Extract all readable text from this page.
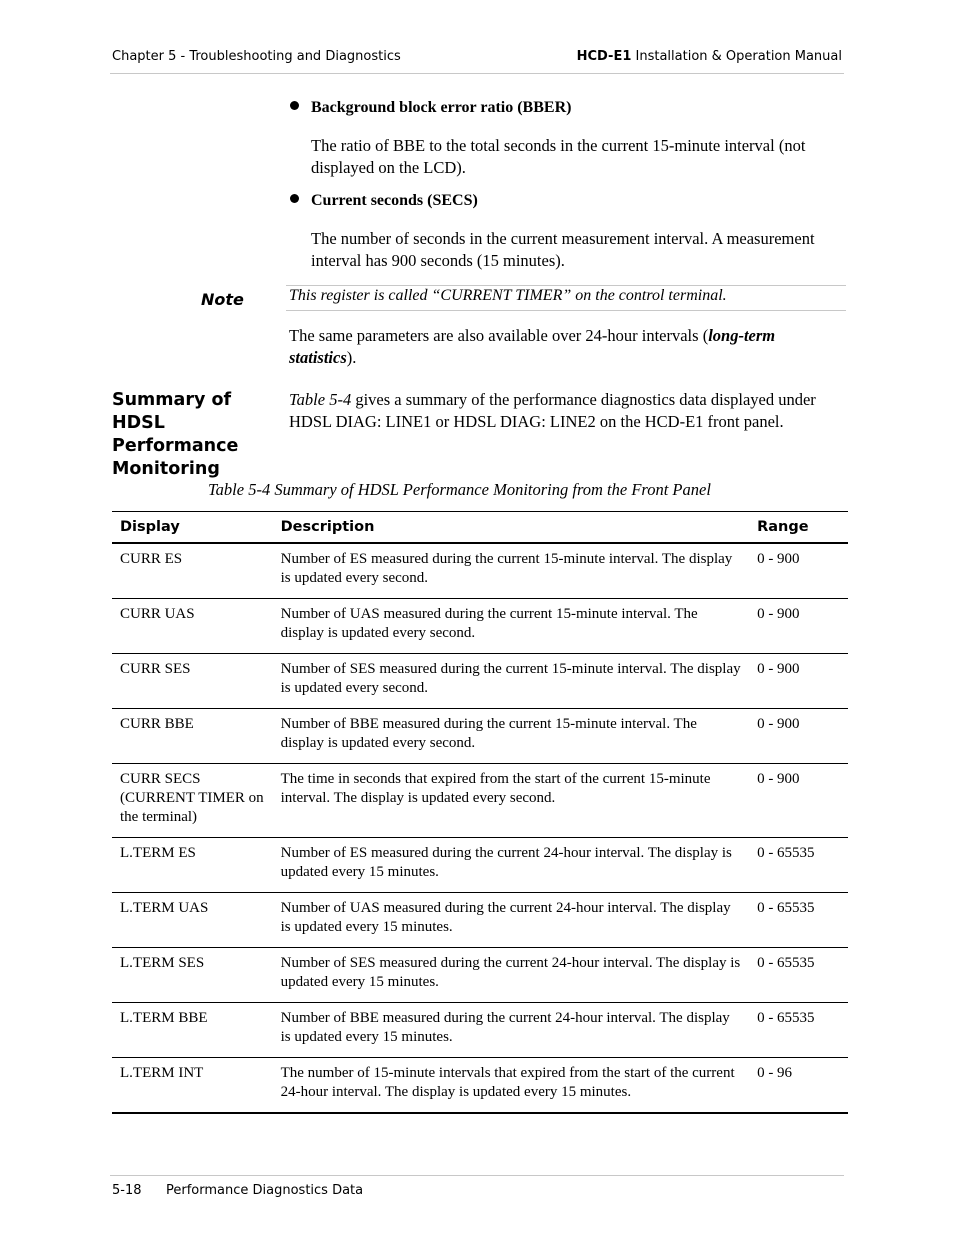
Chapter 5 - Troubleshooting and Diagnostics	HCD-E1 Installation & Operation Manual
Background block error ratio (BBER)
The ratio of BBE to the total seconds in the current 15-minute interval (not displayed on the LCD).
Current seconds (SECS)
The number of seconds in the current measurement interval. A measurement interval has 900 seconds (15 minutes).
Note	This register is called “CURRENT TIMER” on the control terminal.
The same parameters are also available over 24-hour intervals (long-term statistics).
Summary of HDSL Performance Monitoring
Table 5-4 gives a summary of the performance diagnostics data displayed under HDSL DIAG: LINE1 or HDSL DIAG: LINE2 on the HCD-E1 front panel.
Table 5-4 Summary of HDSL Performance Monitoring from the Front Panel
Display	Description	Range
CURR ES	Number of ES measured during the current 15-minute interval. The display is updated every second.	0 - 900
CURR UAS	Number of UAS measured during the current 15-minute interval. The display is updated every second.	0 - 900
CURR SES	Number of SES measured during the current 15-minute interval. The display is updated every second.	0 - 900
CURR BBE	Number of BBE measured during the current 15-minute interval. The display is updated every second.	0 - 900
CURR SECS (CURRENT TIMER on the terminal)	The time in seconds that expired from the start of the current 15-minute interval. The display is updated every second.	0 - 900
L.TERM ES	Number of ES measured during the current 24-hour interval. The display is updated every 15 minutes.	0 - 65535
L.TERM UAS	Number of UAS measured during the current 24-hour interval. The display is updated every 15 minutes.	0 - 65535
L.TERM SES	Number of SES measured during the current 24-hour interval. The display is updated every 15 minutes.	0 - 65535
L.TERM BBE	Number of BBE measured during the current 24-hour interval. The display is updated every 15 minutes.	0 - 65535
L.TERM INT	The number of 15-minute intervals that expired from the start of the current 24-hour interval. The display is updated every 15 minutes.	0 - 96
5-18 Performance Diagnostics Data
